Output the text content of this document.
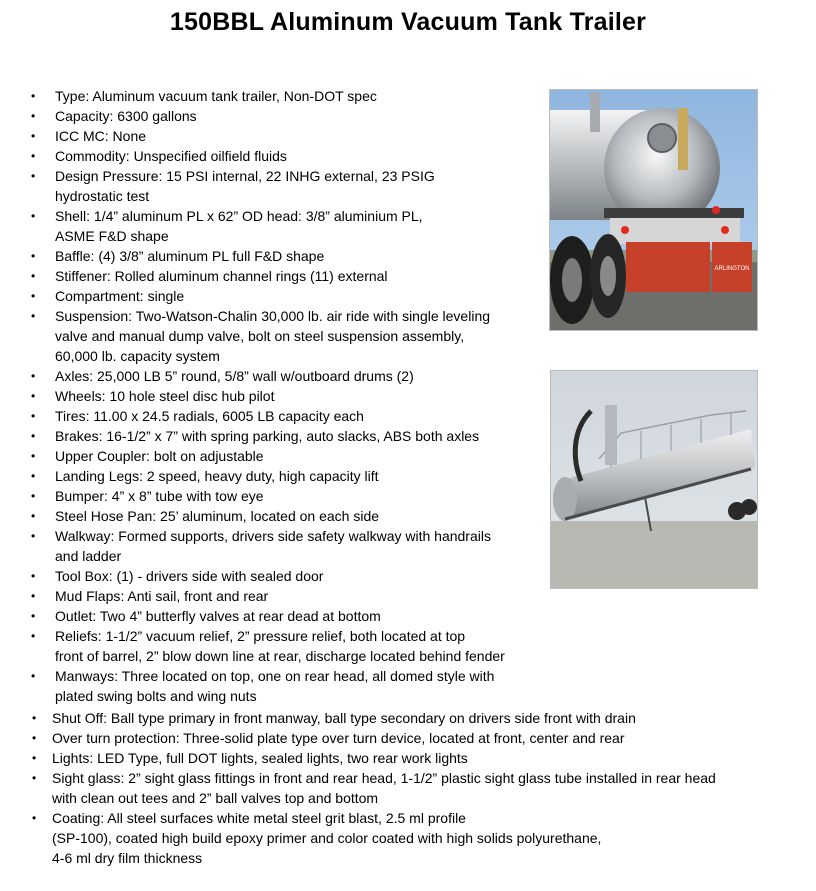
150BBL Aluminum Vacuum Tank Trailer
• Type: Aluminum vacuum tank trailer, Non-DOT spec
• Capacity: 6300 gallons
• ICC MC: None
• Commodity: Unspecified oilfield fluids
• Design Pressure: 15 PSI internal, 22 INHG external, 23 PSIG
hydrostatic test
• Shell: 1/4” aluminum PL x 62” OD head: 3/8” aluminium PL,
ASME F&D shape
• Baffle: (4) 3/8” aluminum PL full F&D shape
• Stiffener: Rolled aluminum channel rings (11) external
• Compartment: single
• Suspension: Two-Watson-Chalin 30,000 lb. air ride with single leveling
valve and manual dump valve, bolt on steel suspension assembly,
60,000 lb. capacity system
• Axles: 25,000 LB 5” round, 5/8” wall w/outboard drums (2)
• Wheels: 10 hole steel disc hub pilot
• Tires: 11.00 x 24.5 radials, 6005 LB capacity each
• Brakes: 16-1/2” x 7” with spring parking, auto slacks, ABS both axles
• Upper Coupler: bolt on adjustable
• Landing Legs: 2 speed, heavy duty, high capacity lift
• Bumper: 4” x 8” tube with tow eye
• Steel Hose Pan: 25’ aluminum, located on each side
• Walkway: Formed supports, drivers side safety walkway with handrails
and ladder
• Tool Box: (1) - drivers side with sealed door
• Mud Flaps: Anti sail, front and rear
• Outlet: Two 4” butterfly valves at rear dead at bottom
• Reliefs: 1-1/2” vacuum relief, 2” pressure relief, both located at top
front of barrel, 2” blow down line at rear, discharge located behind fender
• Manways: Three located on top, one on rear head, all domed style with
plated swing bolts and wing nuts
• Shut Off: Ball type primary in front manway, ball type secondary on drivers side front with drain
• Over turn protection: Three-solid plate type over turn device, located at front, center and rear
• Lights: LED Type, full DOT lights, sealed lights, two rear work lights
• Sight glass: 2” sight glass fittings in front and rear head, 1-1/2” plastic sight glass tube installed in rear head
with clean out tees and 2” ball valves top and bottom
• Coating: All steel surfaces white metal steel grit blast, 2.5 ml profile
(SP-100), coated high build epoxy primer and color coated with high solids polyurethane,
4-6 ml dry film thickness
ARLINGTON
